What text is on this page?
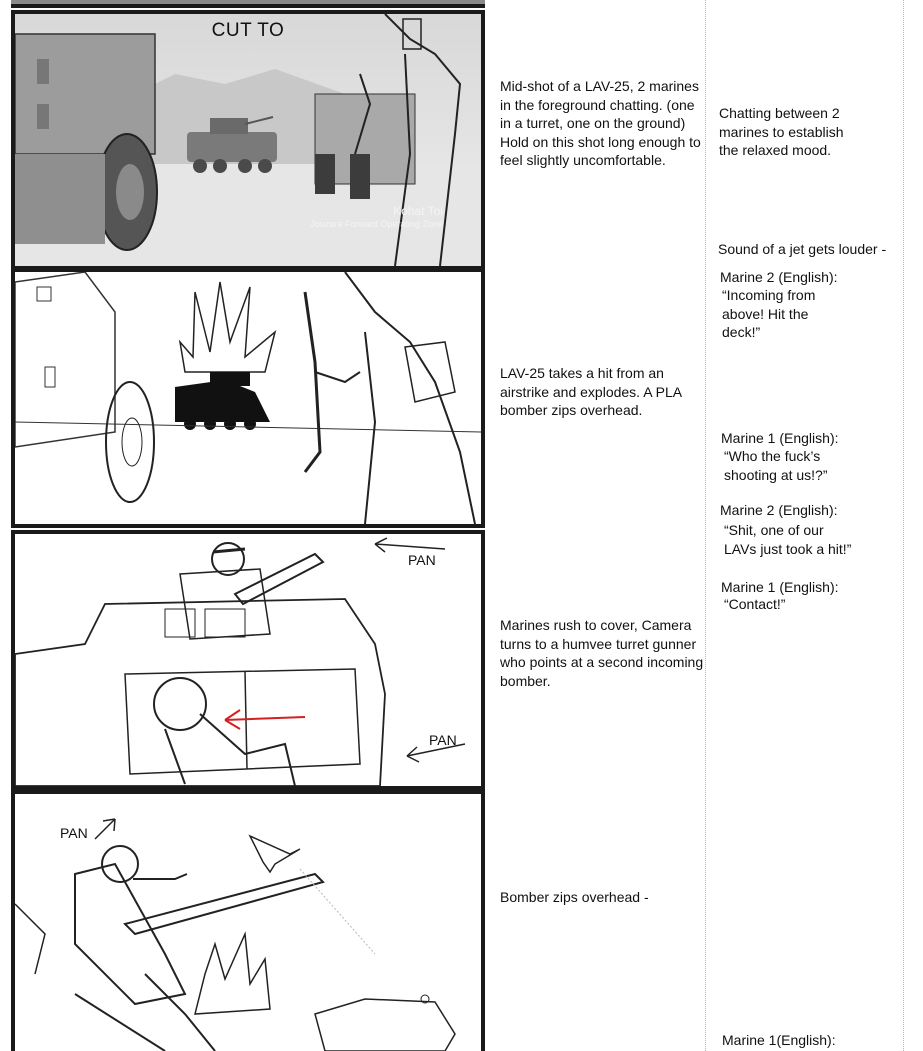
CUT TO
Kohat Toi
Jouzara Forward Operating Zone
PAN
PAN
PAN
Mid-shot of a LAV-25, 2 marines in the foreground chatting. (one in a turret, one on the ground)
Hold on this shot long enough to feel slightly uncomfortable.
LAV-25 takes a hit from an airstrike and explodes. A PLA bomber zips overhead.
Marines rush to cover, Camera turns to a humvee turret gunner who points at a second incoming bomber.
Bomber zips overhead -
Chatting between 2
marines to establish
the relaxed mood.
Sound of a jet gets louder -
Marine 2 (English):
“Incoming from
above! Hit the
deck!”
Marine 1 (English):
“Who the fuck’s
shooting at us!?”
Marine 2 (English):
“Shit, one of our
LAVs just took a hit!”
Marine 1 (English):
“Contact!”
Marine 1(English):
